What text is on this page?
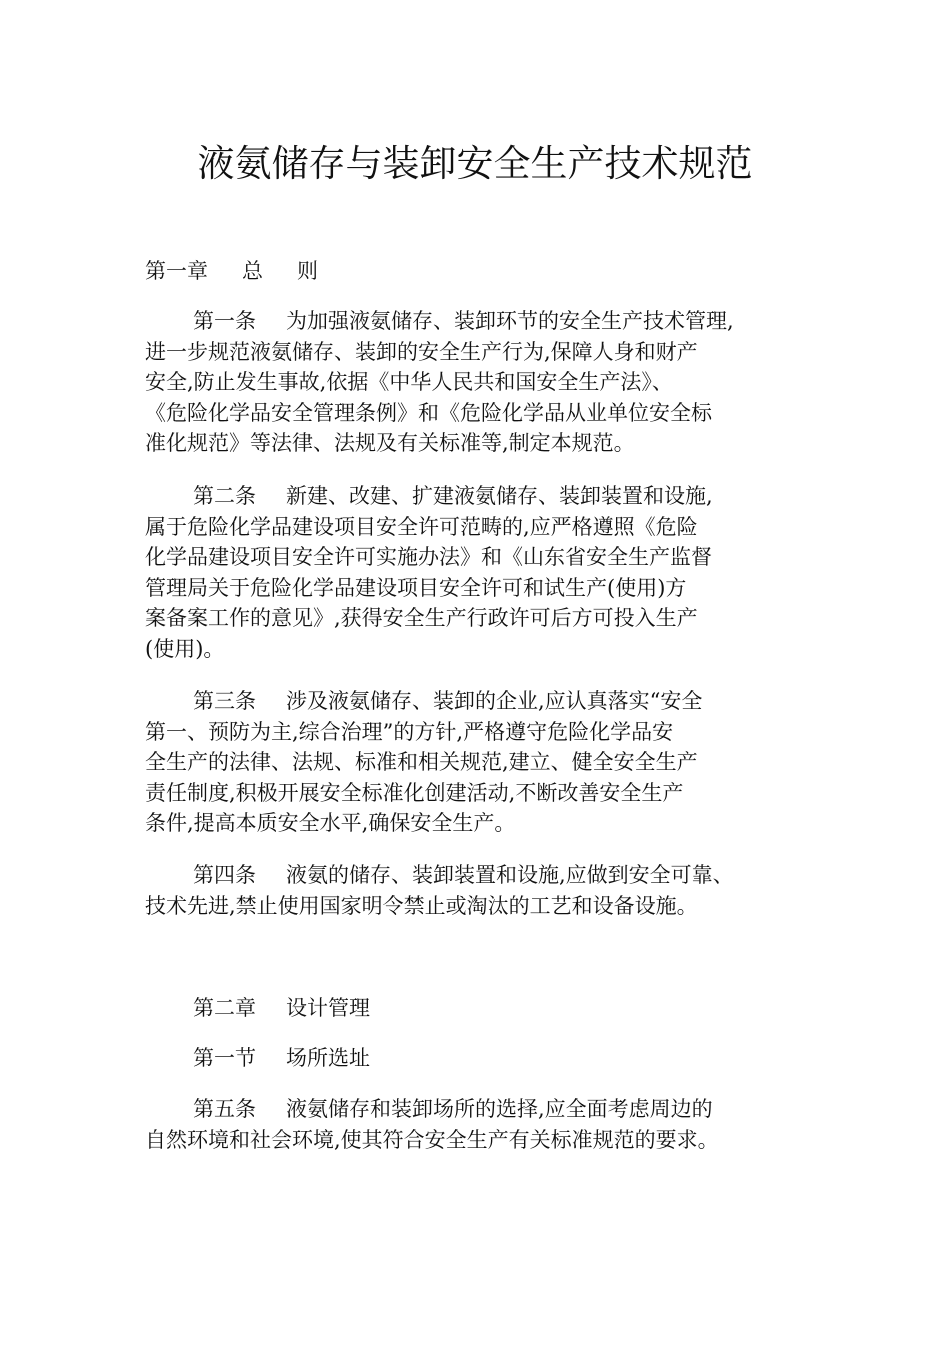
液氨储存与装卸安全生产技术规范
第一章 总 则
第一条 为加强液氨储存、装卸环节的安全生产技术管理,
进一步规范液氨储存、装卸的安全生产行为,保障人身和财产
安全,防止发生事故,依据《中华人民共和国安全生产法》、
《危险化学品安全管理条例》和《危险化学品从业单位安全标
准化规范》等法律、法规及有关标准等,制定本规范。
第二条 新建、改建、扩建液氨储存、装卸装置和设施,
属于危险化学品建设项目安全许可范畴的,应严格遵照《危险
化学品建设项目安全许可实施办法》和《山东省安全生产监督
管理局关于危险化学品建设项目安全许可和试生产(使用)方
案备案工作的意见》,获得安全生产行政许可后方可投入生产
(使用)。
第三条 涉及液氨储存、装卸的企业,应认真落实“安全
第一、预防为主,综合治理”的方针,严格遵守危险化学品安
全生产的法律、法规、标准和相关规范,建立、健全安全生产
责任制度,积极开展安全标准化创建活动,不断改善安全生产
条件,提高本质安全水平,确保安全生产。
第四条 液氨的储存、装卸装置和设施,应做到安全可靠、
技术先进,禁止使用国家明令禁止或淘汰的工艺和设备设施。
第二章 设计管理
第一节 场所选址
第五条 液氨储存和装卸场所的选择,应全面考虑周边的
自然环境和社会环境,使其符合安全生产有关标准规范的要求。
